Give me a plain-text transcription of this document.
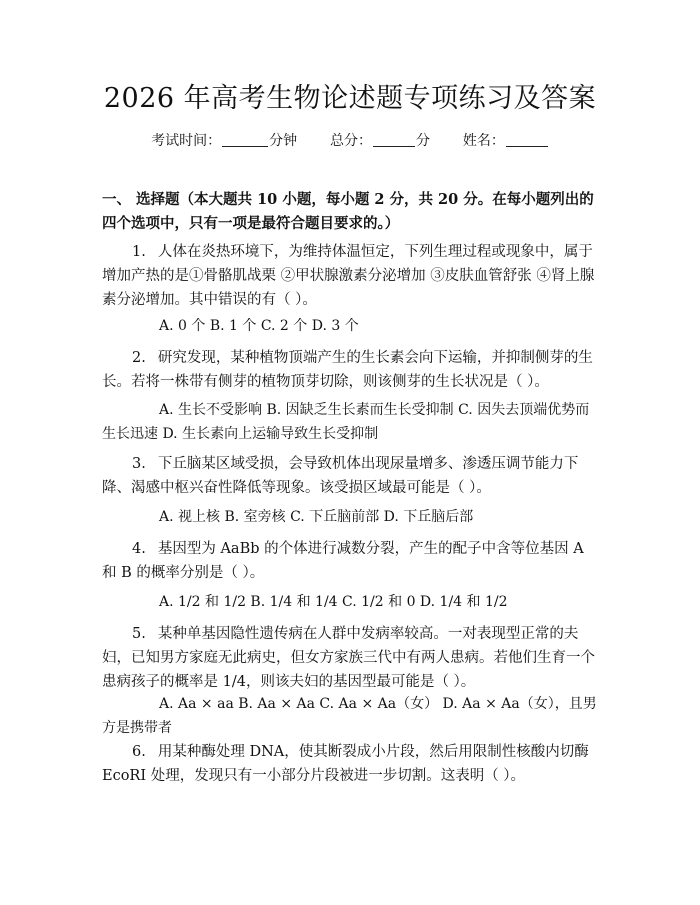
2026 年高考生物论述题专项练习及答案
考试时间：	分钟 总分：	分 姓名：
一、 选择题（本大题共 10 小题，每小题 2 分，共 20 分。在每小题列出的四个选项中，只有一项是最符合题目要求的。）
1. 人体在炎热环境下，为维持体温恒定，下列生理过程或现象中，属于增加产热的是①骨骼肌战栗 ②甲状腺激素分泌增加 ③皮肤血管舒张 ④肾上腺素分泌增加。其中错误的有（ ）。
A. 0 个 B. 1 个 C. 2 个 D. 3 个
2. 研究发现，某种植物顶端产生的生长素会向下运输，并抑制侧芽的生长。若将一株带有侧芽的植物顶芽切除，则该侧芽的生长状况是（ ）。
A. 生长不受影响 B. 因缺乏生长素而生长受抑制 C. 因失去顶端优势而生长迅速 D. 生长素向上运输导致生长受抑制
3. 下丘脑某区域受损，会导致机体出现尿量增多、渗透压调节能力下降、渴感中枢兴奋性降低等现象。该受损区域最可能是（ ）。
A. 视上核 B. 室旁核 C. 下丘脑前部 D. 下丘脑后部
4. 基因型为 AaBb 的个体进行减数分裂，产生的配子中含等位基因 A 和 B 的概率分别是（ ）。
A. 1/2 和 1/2 B. 1/4 和 1/4 C. 1/2 和 0 D. 1/4 和 1/2
5. 某种单基因隐性遗传病在人群中发病率较高。一对表现型正常的夫妇，已知男方家庭无此病史，但女方家族三代中有两人患病。若他们生育一个患病孩子的概率是 1/4，则该夫妇的基因型最可能是（ ）。
A. Aa × aa B. Aa × Aa C. Aa × Aa（女） D. Aa × Aa（女），且男方是携带者
6. 用某种酶处理 DNA，使其断裂成小片段，然后用限制性核酸内切酶 EcoRI 处理，发现只有一小部分片段被进一步切割。这表明（ ）。
